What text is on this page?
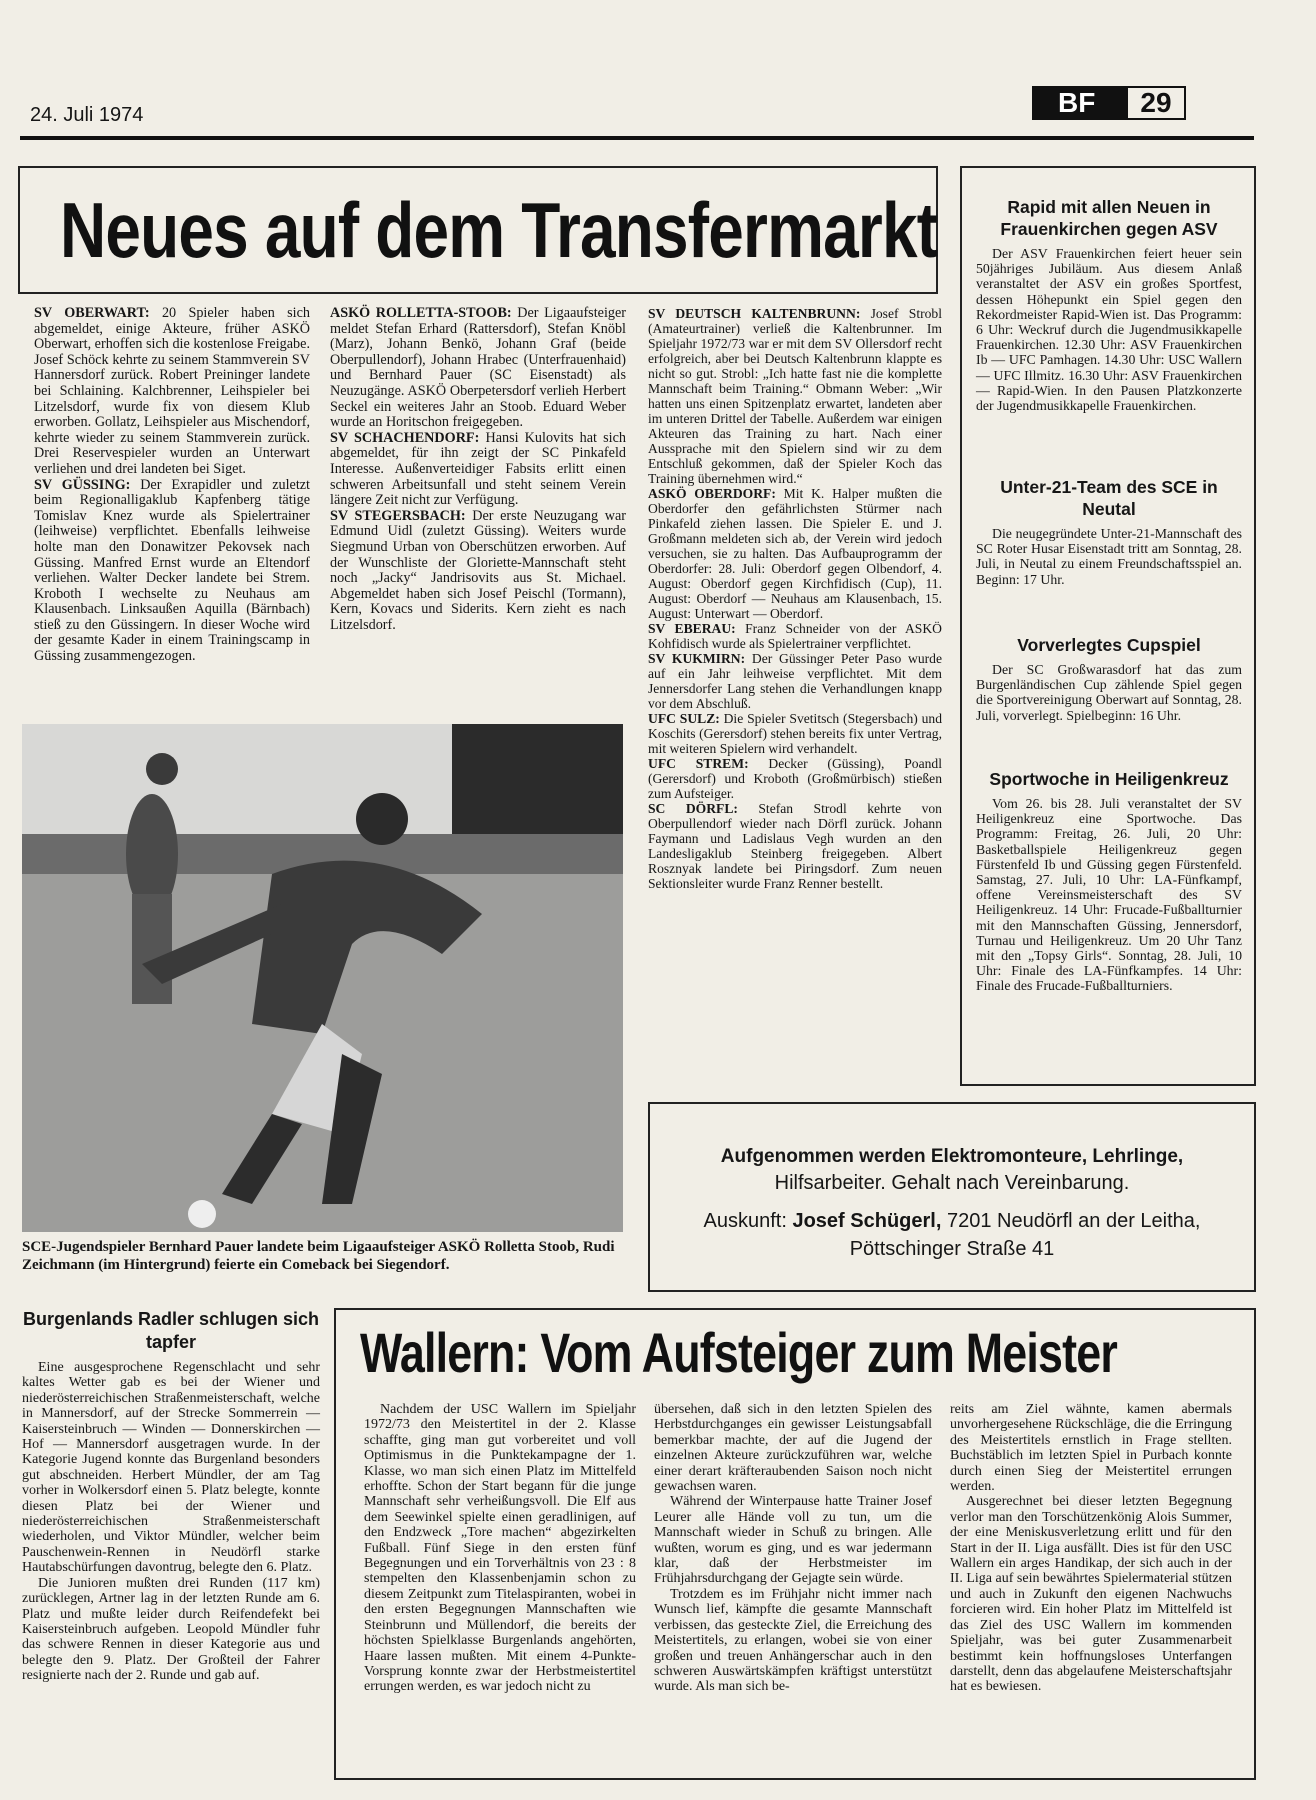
24. Juli 1974	BF	29
Neues auf dem Transfermarkt

SV OBERWART: 20 Spieler haben sich abgemeldet, einige Akteure, früher ASKÖ Oberwart, erhoffen sich die kostenlose Freigabe. Josef Schöck kehrte zu seinem Stammverein SV Hannersdorf zurück. Robert Preininger landete bei Schlaining. Kalchbrenner, Leihspieler bei Litzelsdorf, wurde fix von diesem Klub erworben. Gollatz, Leihspieler aus Mischendorf, kehrte wieder zu seinem Stammverein zurück. Drei Reservespieler wurden an Unterwart verliehen und drei landeten bei Siget.

SV GÜSSING: Der Exrapidler und zuletzt beim Regionalligaklub Kapfenberg tätige Tomislav Knez wurde als Spielertrainer (leihweise) verpflichtet. Ebenfalls leihweise holte man den Donawitzer Pekovsek nach Güssing. Manfred Ernst wurde an Eltendorf verliehen. Walter Decker landete bei Strem. Kroboth I wechselte zu Neuhaus am Klausenbach. Linksaußen Aquilla (Bärnbach) stieß zu den Güssingern. In dieser Woche wird der gesamte Kader in einem Trainingscamp in Güssing zusammengezogen.

ASKÖ ROLLETTA-STOOB: Der Ligaaufsteiger meldet Stefan Erhard (Rattersdorf), Stefan Knöbl (Marz), Johann Benkö, Johann Graf (beide Oberpullendorf), Johann Hrabec (Unterfrauenhaid) und Bernhard Pauer (SC Eisenstadt) als Neuzugänge. ASKÖ Oberpetersdorf verlieh Herbert Seckel ein weiteres Jahr an Stoob. Eduard Weber wurde an Horitschon freigegeben.

SV SCHACHENDORF: Hansi Kulovits hat sich abgemeldet, für ihn zeigt der SC Pinkafeld Interesse. Außenverteidiger Fabsits erlitt einen schweren Arbeitsunfall und steht seinem Verein längere Zeit nicht zur Verfügung.

SV STEGERSBACH: Der erste Neuzugang war Edmund Uidl (zuletzt Güssing). Weiters wurde Siegmund Urban von Oberschützen erworben. Auf der Wunschliste der Gloriette-Mannschaft steht noch „Jacky“ Jandrisovits aus St. Michael. Abgemeldet haben sich Josef Peischl (Tormann), Kern, Kovacs und Siderits. Kern zieht es nach Litzelsdorf.

SV DEUTSCH KALTENBRUNN: Josef Strobl (Amateurtrainer) verließ die Kaltenbrunner. Im Spieljahr 1972/73 war er mit dem SV Ollersdorf recht erfolgreich, aber bei Deutsch Kaltenbrunn klappte es nicht so gut. Strobl: „Ich hatte fast nie die komplette Mannschaft beim Training.“ Obmann Weber: „Wir hatten uns einen Spitzenplatz erwartet, landeten aber im unteren Drittel der Tabelle. Außerdem war einigen Akteuren das Training zu hart. Nach einer Aussprache mit den Spielern sind wir zu dem Entschluß gekommen, daß der Spieler Koch das Training übernehmen wird.“

ASKÖ OBERDORF: Mit K. Halper mußten die Oberdorfer den gefährlichsten Stürmer nach Pinkafeld ziehen lassen. Die Spieler E. und J. Großmann meldeten sich ab, der Verein wird jedoch versuchen, sie zu halten. Das Aufbauprogramm der Oberdorfer: 28. Juli: Oberdorf gegen Olbendorf, 4. August: Oberdorf gegen Kirchfidisch (Cup), 11. August: Oberdorf — Neuhaus am Klausenbach, 15. August: Unterwart — Oberdorf.

SV EBERAU: Franz Schneider von der ASKÖ Kohfidisch wurde als Spielertrainer verpflichtet.

SV KUKMIRN: Der Güssinger Peter Paso wurde auf ein Jahr leihweise verpflichtet. Mit dem Jennersdorfer Lang stehen die Verhandlungen knapp vor dem Abschluß.

UFC SULZ: Die Spieler Svetitsch (Stegersbach) und Koschits (Gerersdorf) stehen bereits fix unter Vertrag, mit weiteren Spielern wird verhandelt.

UFC STREM: Decker (Güssing), Poandl (Gerersdorf) und Kroboth (Großmürbisch) stießen zum Aufsteiger.

SC DÖRFL: Stefan Strodl kehrte von Oberpullendorf wieder nach Dörfl zurück. Johann Faymann und Ladislaus Vegh wurden an den Landesligaklub Steinberg freigegeben. Albert Rosznyak landete bei Piringsdorf. Zum neuen Sektionsleiter wurde Franz Renner bestellt.

SCE-Jugendspieler Bernhard Pauer landete beim Ligaaufsteiger ASKÖ Rolletta Stoob, Rudi Zeichmann (im Hintergrund) feierte ein Comeback bei Siegendorf.
Rapid mit allen Neuen in Frauenkirchen gegen ASV

Der ASV Frauenkirchen feiert heuer sein 50jähriges Jubiläum. Aus diesem Anlaß veranstaltet der ASV ein großes Sportfest, dessen Höhepunkt ein Spiel gegen den Rekordmeister Rapid-Wien ist. Das Programm: 6 Uhr: Weckruf durch die Jugendmusikkapelle Frauenkirchen. 12.30 Uhr: ASV Frauenkirchen Ib — UFC Pamhagen. 14.30 Uhr: USC Wallern — UFC Illmitz. 16.30 Uhr: ASV Frauenkirchen — Rapid-Wien. In den Pausen Platzkonzerte der Jugendmusikkapelle Frauenkirchen.

Unter-21-Team des SCE in Neutal

Die neugegründete Unter-21-Mannschaft des SC Roter Husar Eisenstadt tritt am Sonntag, 28. Juli, in Neutal zu einem Freundschaftsspiel an. Beginn: 17 Uhr.

Vorverlegtes Cupspiel

Der SC Großwarasdorf hat das zum Burgenländischen Cup zählende Spiel gegen die Sportvereinigung Oberwart auf Sonntag, 28. Juli, vorverlegt. Spielbeginn: 16 Uhr.

Sportwoche in Heiligenkreuz

Vom 26. bis 28. Juli veranstaltet der SV Heiligenkreuz eine Sportwoche. Das Programm: Freitag, 26. Juli, 20 Uhr: Basketballspiele Heiligenkreuz gegen Fürstenfeld Ib und Güssing gegen Fürstenfeld. Samstag, 27. Juli, 10 Uhr: LA-Fünfkampf, offene Vereinsmeisterschaft des SV Heiligenkreuz. 14 Uhr: Frucade-Fußballturnier mit den Mannschaften Güssing, Jennersdorf, Turnau und Heiligenkreuz. Um 20 Uhr Tanz mit den „Topsy Girls“. Sonntag, 28. Juli, 10 Uhr: Finale des LA-Fünfkampfes. 14 Uhr: Finale des Frucade-Fußballturniers.

Aufgenommen werden Elektromonteure, Lehrlinge,
Hilfsarbeiter. Gehalt nach Vereinbarung.
Auskunft: Josef Schügerl, 7201 Neudörfl an der Leitha,
Pöttschinger Straße 41
Burgenlands Radler schlugen sich tapfer

Eine ausgesprochene Regenschlacht und sehr kaltes Wetter gab es bei der Wiener und niederösterreichischen Straßenmeisterschaft, welche in Mannersdorf, auf der Strecke Sommerrein — Kaisersteinbruch — Winden — Donnerskirchen — Hof — Mannersdorf ausgetragen wurde. In der Kategorie Jugend konnte das Burgenland besonders gut abschneiden. Herbert Mündler, der am Tag vorher in Wolkersdorf einen 5. Platz belegte, konnte diesen Platz bei der Wiener und niederösterreichischen Straßenmeisterschaft wiederholen, und Viktor Mündler, welcher beim Pauschenwein-Rennen in Neudörfl starke Hautabschürfungen davontrug, belegte den 6. Platz.

Die Junioren mußten drei Runden (117 km) zurücklegen, Artner lag in der letzten Runde am 6. Platz und mußte leider durch Reifendefekt bei Kaisersteinbruch aufgeben. Leopold Mündler fuhr das schwere Rennen in dieser Kategorie aus und belegte den 9. Platz. Der Großteil der Fahrer resignierte nach der 2. Runde und gab auf.

Wallern: Vom Aufsteiger zum Meister

Nachdem der USC Wallern im Spieljahr 1972/73 den Meistertitel in der 2. Klasse schaffte, ging man gut vorbereitet und voll Optimismus in die Punktekampagne der 1. Klasse, wo man sich einen Platz im Mittelfeld erhoffte. Schon der Start begann für die junge Mannschaft sehr verheißungsvoll. Die Elf aus dem Seewinkel spielte einen geradlinigen, auf den Endzweck „Tore machen“ abgezirkelten Fußball. Fünf Siege in den ersten fünf Begegnungen und ein Torverhältnis von 23 : 8 stempelten den Klassenbenjamin schon zu diesem Zeitpunkt zum Titelaspiranten, wobei in den ersten Begegnungen Mannschaften wie Steinbrunn und Müllendorf, die bereits der höchsten Spielklasse Burgenlands angehörten, Haare lassen mußten. Mit einem 4-Punkte-Vorsprung konnte zwar der Herbstmeistertitel errungen werden, es war jedoch nicht zu

übersehen, daß sich in den letzten Spielen des Herbstdurchganges ein gewisser Leistungsabfall bemerkbar machte, der auf die Jugend der einzelnen Akteure zurückzuführen war, welche einer derart kräfteraubenden Saison noch nicht gewachsen waren.

Während der Winterpause hatte Trainer Josef Leurer alle Hände voll zu tun, um die Mannschaft wieder in Schuß zu bringen. Alle wußten, worum es ging, und es war jedermann klar, daß der Herbstmeister im Frühjahrsdurchgang der Gejagte sein würde.

Trotzdem es im Frühjahr nicht immer nach Wunsch lief, kämpfte die gesamte Mannschaft verbissen, das gesteckte Ziel, die Erreichung des Meistertitels, zu erlangen, wobei sie von einer großen und treuen Anhängerschar auch in den schweren Auswärtskämpfen kräftigst unterstützt wurde. Als man sich be-

reits am Ziel wähnte, kamen abermals unvorhergesehene Rückschläge, die die Erringung des Meistertitels ernstlich in Frage stellten. Buchstäblich im letzten Spiel in Purbach konnte durch einen Sieg der Meistertitel errungen werden.

Ausgerechnet bei dieser letzten Begegnung verlor man den Torschützenkönig Alois Summer, der eine Meniskusverletzung erlitt und für den Start in der II. Liga ausfällt. Dies ist für den USC Wallern ein arges Handikap, der sich auch in der II. Liga auf sein bewährtes Spielermaterial stützen und auch in Zukunft den eigenen Nachwuchs forcieren wird. Ein hoher Platz im Mittelfeld ist das Ziel des USC Wallern im kommenden Spieljahr, was bei guter Zusammenarbeit bestimmt kein hoffnungsloses Unterfangen darstellt, denn das abgelaufene Meisterschaftsjahr hat es bewiesen.
